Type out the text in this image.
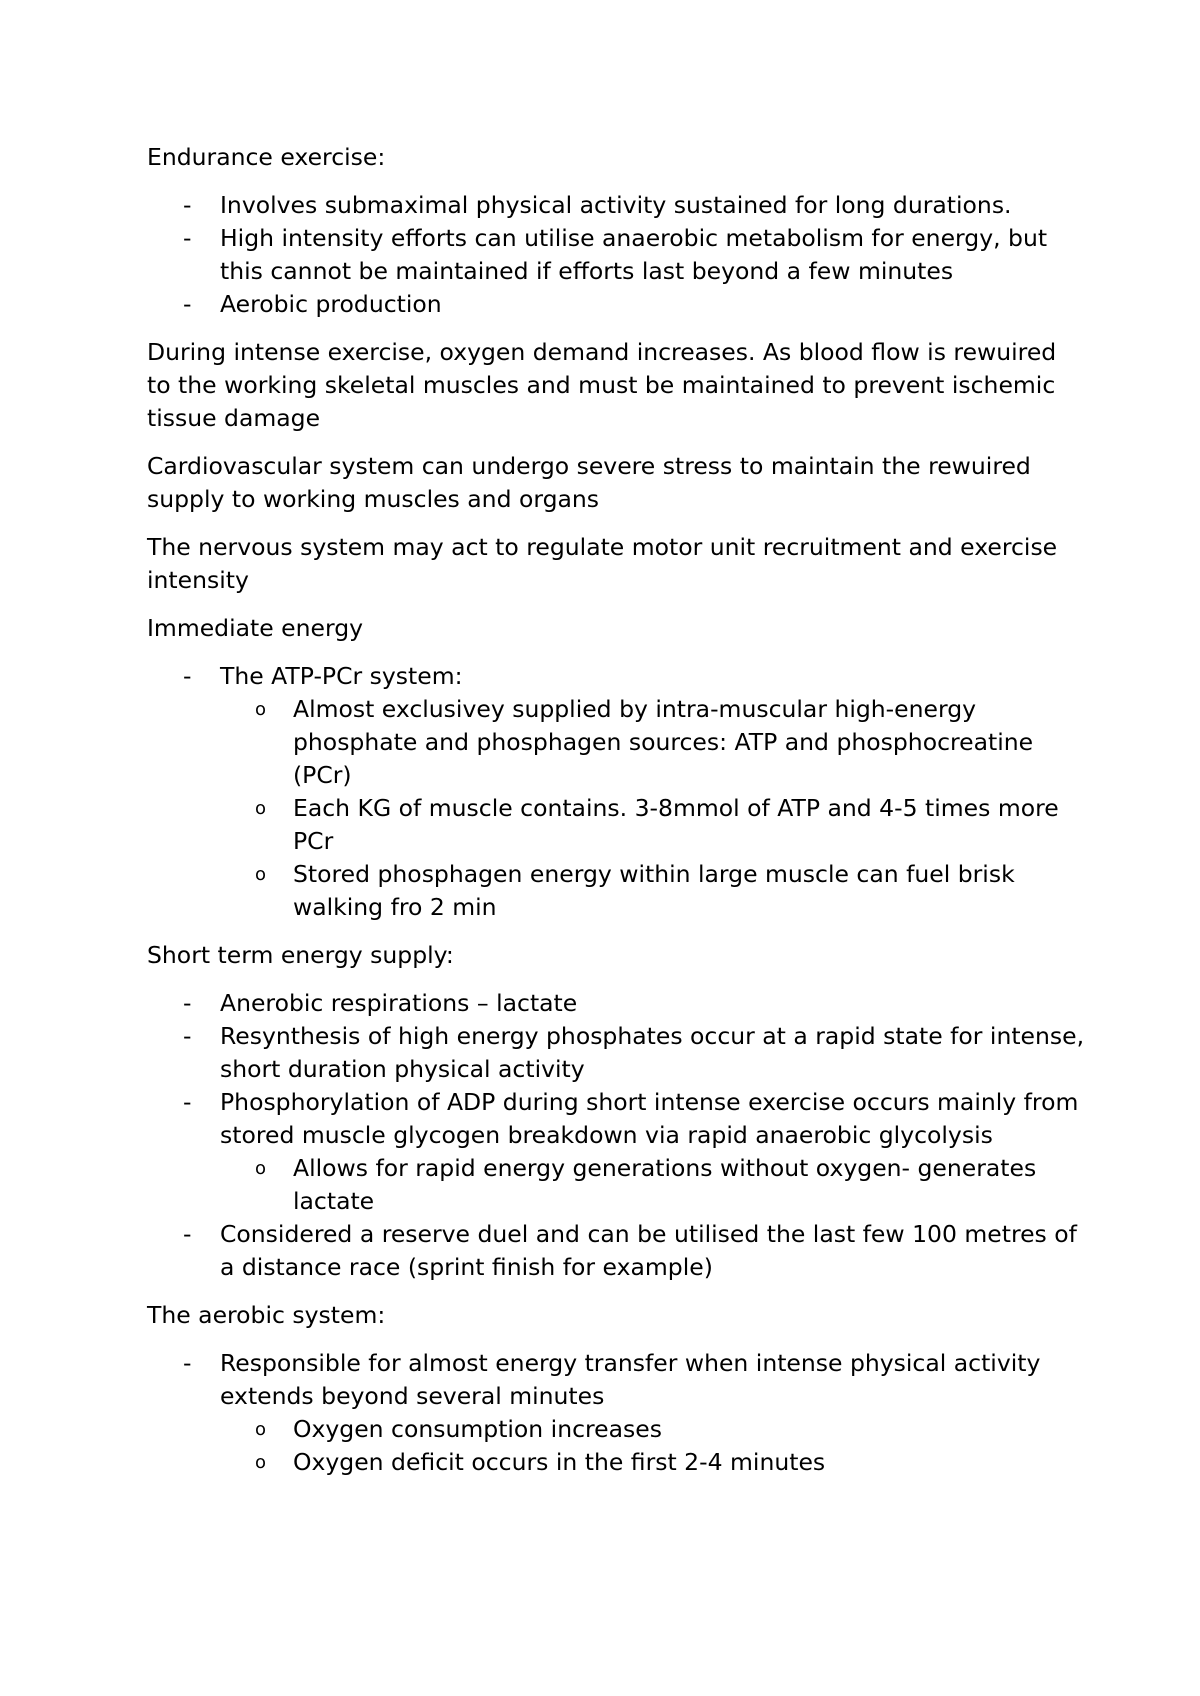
Endurance exercise:

- Involves submaximal physical activity sustained for long durations.
- High intensity efforts can utilise anaerobic metabolism for energy, but this cannot be maintained if efforts last beyond a few minutes
- Aerobic production

During intense exercise, oxygen demand increases. As blood flow is rewuired to the working skeletal muscles and must be maintained to prevent ischemic tissue damage

Cardiovascular system can undergo severe stress to maintain the rewuired supply to working muscles and organs

The nervous system may act to regulate motor unit recruitment and exercise intensity

Immediate energy

- The ATP-PCr system:
o Almost exclusivey supplied by intra-muscular high-energy phosphate and phosphagen sources: ATP and phosphocreatine (PCr)
o Each KG of muscle contains. 3-8mmol of ATP and 4-5 times more PCr
o Stored phosphagen energy within large muscle can fuel brisk walking fro 2 min

Short term energy supply:

- Anerobic respirations – lactate
- Resynthesis of high energy phosphates occur at a rapid state for intense, short duration physical activity
- Phosphorylation of ADP during short intense exercise occurs mainly from stored muscle glycogen breakdown via rapid anaerobic glycolysis
o Allows for rapid energy generations without oxygen- generates lactate
- Considered a reserve duel and can be utilised the last few 100 metres of a distance race (sprint finish for example)

The aerobic system:

- Responsible for almost energy transfer when intense physical activity extends beyond several minutes
o Oxygen consumption increases
o Oxygen deficit occurs in the first 2-4 minutes
